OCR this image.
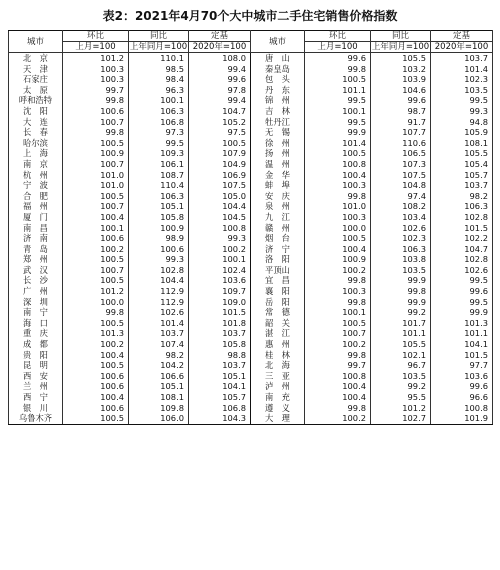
表2：2021年4月70个大中城市二手住宅销售价格指数
城市	环比	同比	定基	城市	环比	同比	定基
	上月=100	上年同月=100	2020年=100		上月=100	上年同月=100	2020年=100
北　京	101.2	110.1	108.0	唐　山	99.6	105.5	103.7
天　津	100.3	98.5	99.4	秦皇岛	99.8	103.2	101.4
石家庄	100.3	98.4	99.6	包　头	100.5	103.9	102.3
太　原	99.7	96.3	97.8	丹　东	101.1	104.6	103.5
呼和浩特	99.8	100.1	99.4	锦　州	99.5	99.6	99.5
沈　阳	100.6	106.3	104.7	吉　林	100.1	98.7	99.3
大　连	100.7	106.8	105.2	牡丹江	99.5	91.7	94.8
长　春	99.8	97.3	97.5	无　锡	99.9	107.7	105.9
哈尔滨	100.5	99.5	100.5	徐　州	101.4	110.6	108.1
上　海	100.9	109.3	107.9	扬　州	100.5	106.5	105.5
南　京	100.7	106.1	104.9	温　州	100.8	107.3	105.4
杭　州	101.0	108.7	106.9	金　华	100.4	107.5	105.7
宁　波	101.0	110.4	107.5	蚌　埠	100.3	104.8	103.7
合　肥	100.5	106.3	105.0	安　庆	99.8	97.4	98.2
福　州	100.7	105.1	104.4	泉　州	101.0	108.2	106.3
厦　门	100.4	105.8	104.5	九　江	100.3	103.4	102.8
南　昌	100.1	100.9	100.8	赣　州	100.0	102.6	101.5
济　南	100.6	98.9	99.3	烟　台	100.5	102.3	102.2
青　岛	100.2	100.6	100.2	济　宁	100.4	106.3	104.7
郑　州	100.5	99.3	100.1	洛　阳	100.9	103.8	102.8
武　汉	100.7	102.8	102.4	平顶山	100.2	103.5	102.6
长　沙	100.5	104.4	103.6	宜　昌	99.8	99.9	99.5
广　州	101.2	112.9	109.7	襄　阳	100.3	99.8	99.6
深　圳	100.0	112.9	109.0	岳　阳	99.8	99.9	99.5
南　宁	99.8	102.6	101.5	常　德	100.1	99.2	99.9
海　口	100.5	101.4	101.8	韶　关	100.5	101.7	101.3
重　庆	101.3	103.7	103.7	湛　江	100.7	101.1	101.1
成　都	100.2	107.4	105.8	惠　州	100.2	105.5	104.1
贵　阳	100.4	98.2	98.8	桂　林	99.8	102.1	101.5
昆　明	100.5	104.2	103.7	北　海	99.7	96.7	97.7
西　安	100.6	106.6	105.1	三　亚	100.8	103.5	103.6
兰　州	100.6	105.1	104.1	泸　州	100.4	99.2	99.6
西　宁	100.4	108.1	105.7	南　充	100.4	95.5	96.6
银　川	100.6	109.8	106.8	遵　义	99.8	101.2	100.8
乌鲁木齐	100.5	106.0	104.3	大　理	100.2	102.7	101.9
